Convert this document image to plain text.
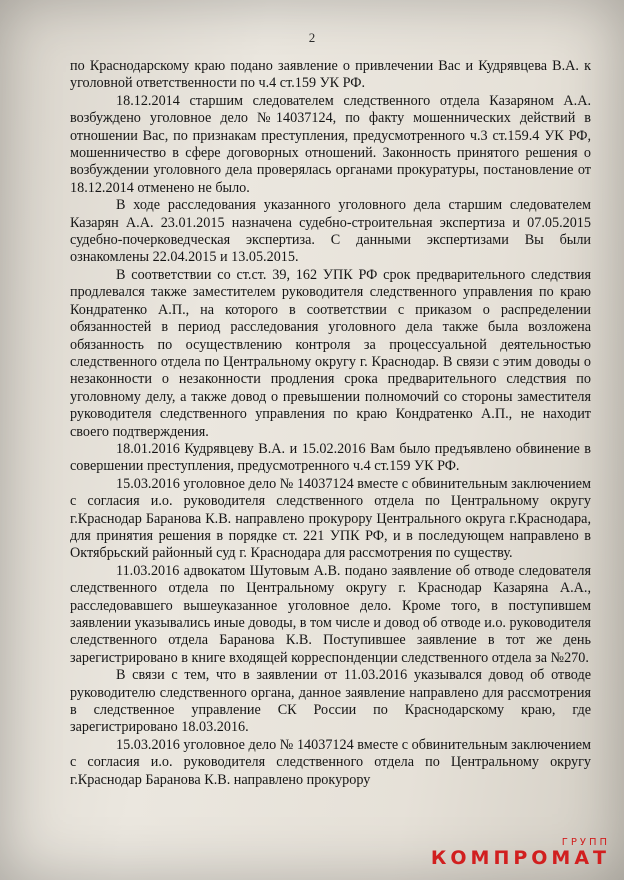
2

по Краснодарскому краю подано заявление о привлечении Вас и Кудрявцева В.А. к уголовной ответственности по ч.4 ст.159 УК РФ.

18.12.2014 старшим следователем следственного отдела Казаряном А.А. возбуждено уголовное дело №14037124, по факту мошеннических действий в отношении Вас, по признакам преступления, предусмотренного ч.3 ст.159.4 УК РФ, мошенничество в сфере договорных отношений. Законность принятого решения о возбуждении уголовного дела проверялась органами прокуратуры, постановление от 18.12.2014 отменено не было.

В ходе расследования указанного уголовного дела старшим следователем Казарян А.А. 23.01.2015 назначена судебно-строительная экспертиза и 07.05.2015 судебно-почерковедческая экспертиза. С данными экспертизами Вы были ознакомлены 22.04.2015 и 13.05.2015.

В соответствии со ст.ст. 39, 162 УПК РФ срок предварительного следствия продлевался также заместителем руководителя следственного управления по краю Кондратенко А.П., на которого в соответствии с приказом о распределении обязанностей в период расследования уголовного дела также была возложена обязанность по осуществлению контроля за процессуальной деятельностью следственного отдела по Центральному округу г. Краснодар. В связи с этим доводы о незаконности о незаконности продления срока предварительного следствия по уголовному делу, а также довод о превышении полномочий со стороны заместителя руководителя следственного управления по краю Кондратенко А.П., не находит своего подтверждения.

18.01.2016 Кудрявцеву В.А. и 15.02.2016 Вам было предъявлено обвинение в совершении преступления, предусмотренного ч.4 ст.159 УК РФ.

15.03.2016 уголовное дело № 14037124 вместе с обвинительным заключением с согласия и.о. руководителя следственного отдела по Центральному округу г.Краснодар Баранова К.В. направлено прокурору Центрального округа г.Краснодара, для принятия решения в порядке ст. 221 УПК РФ, и в последующем направлено в Октябрьский районный суд г. Краснодара для рассмотрения по существу.

11.03.2016 адвокатом Шутовым А.В. подано заявление об отводе следователя следственного отдела по Центральному округу г. Краснодар Казаряна А.А., расследовавшего вышеуказанное уголовное дело. Кроме того, в поступившем заявлении указывались иные доводы, в том числе и довод об отводе и.о. руководителя следственного отдела Баранова К.В. Поступившее заявление в тот же день зарегистрировано в книге входящей корреспонденции следственного отдела за №270.

В связи с тем, что в заявлении от 11.03.2016 указывался довод об отводе руководителю следственного органа, данное заявление направлено для рассмотрения в следственное управление СК России по Краснодарскому краю, где зарегистрировано 18.03.2016.

15.03.2016 уголовное дело № 14037124 вместе с обвинительным заключением с согласия и.о. руководителя следственного отдела по Центральному округу г.Краснодар Баранова К.В. направлено прокурору

ГРУПП
КОМПРОМАТ
